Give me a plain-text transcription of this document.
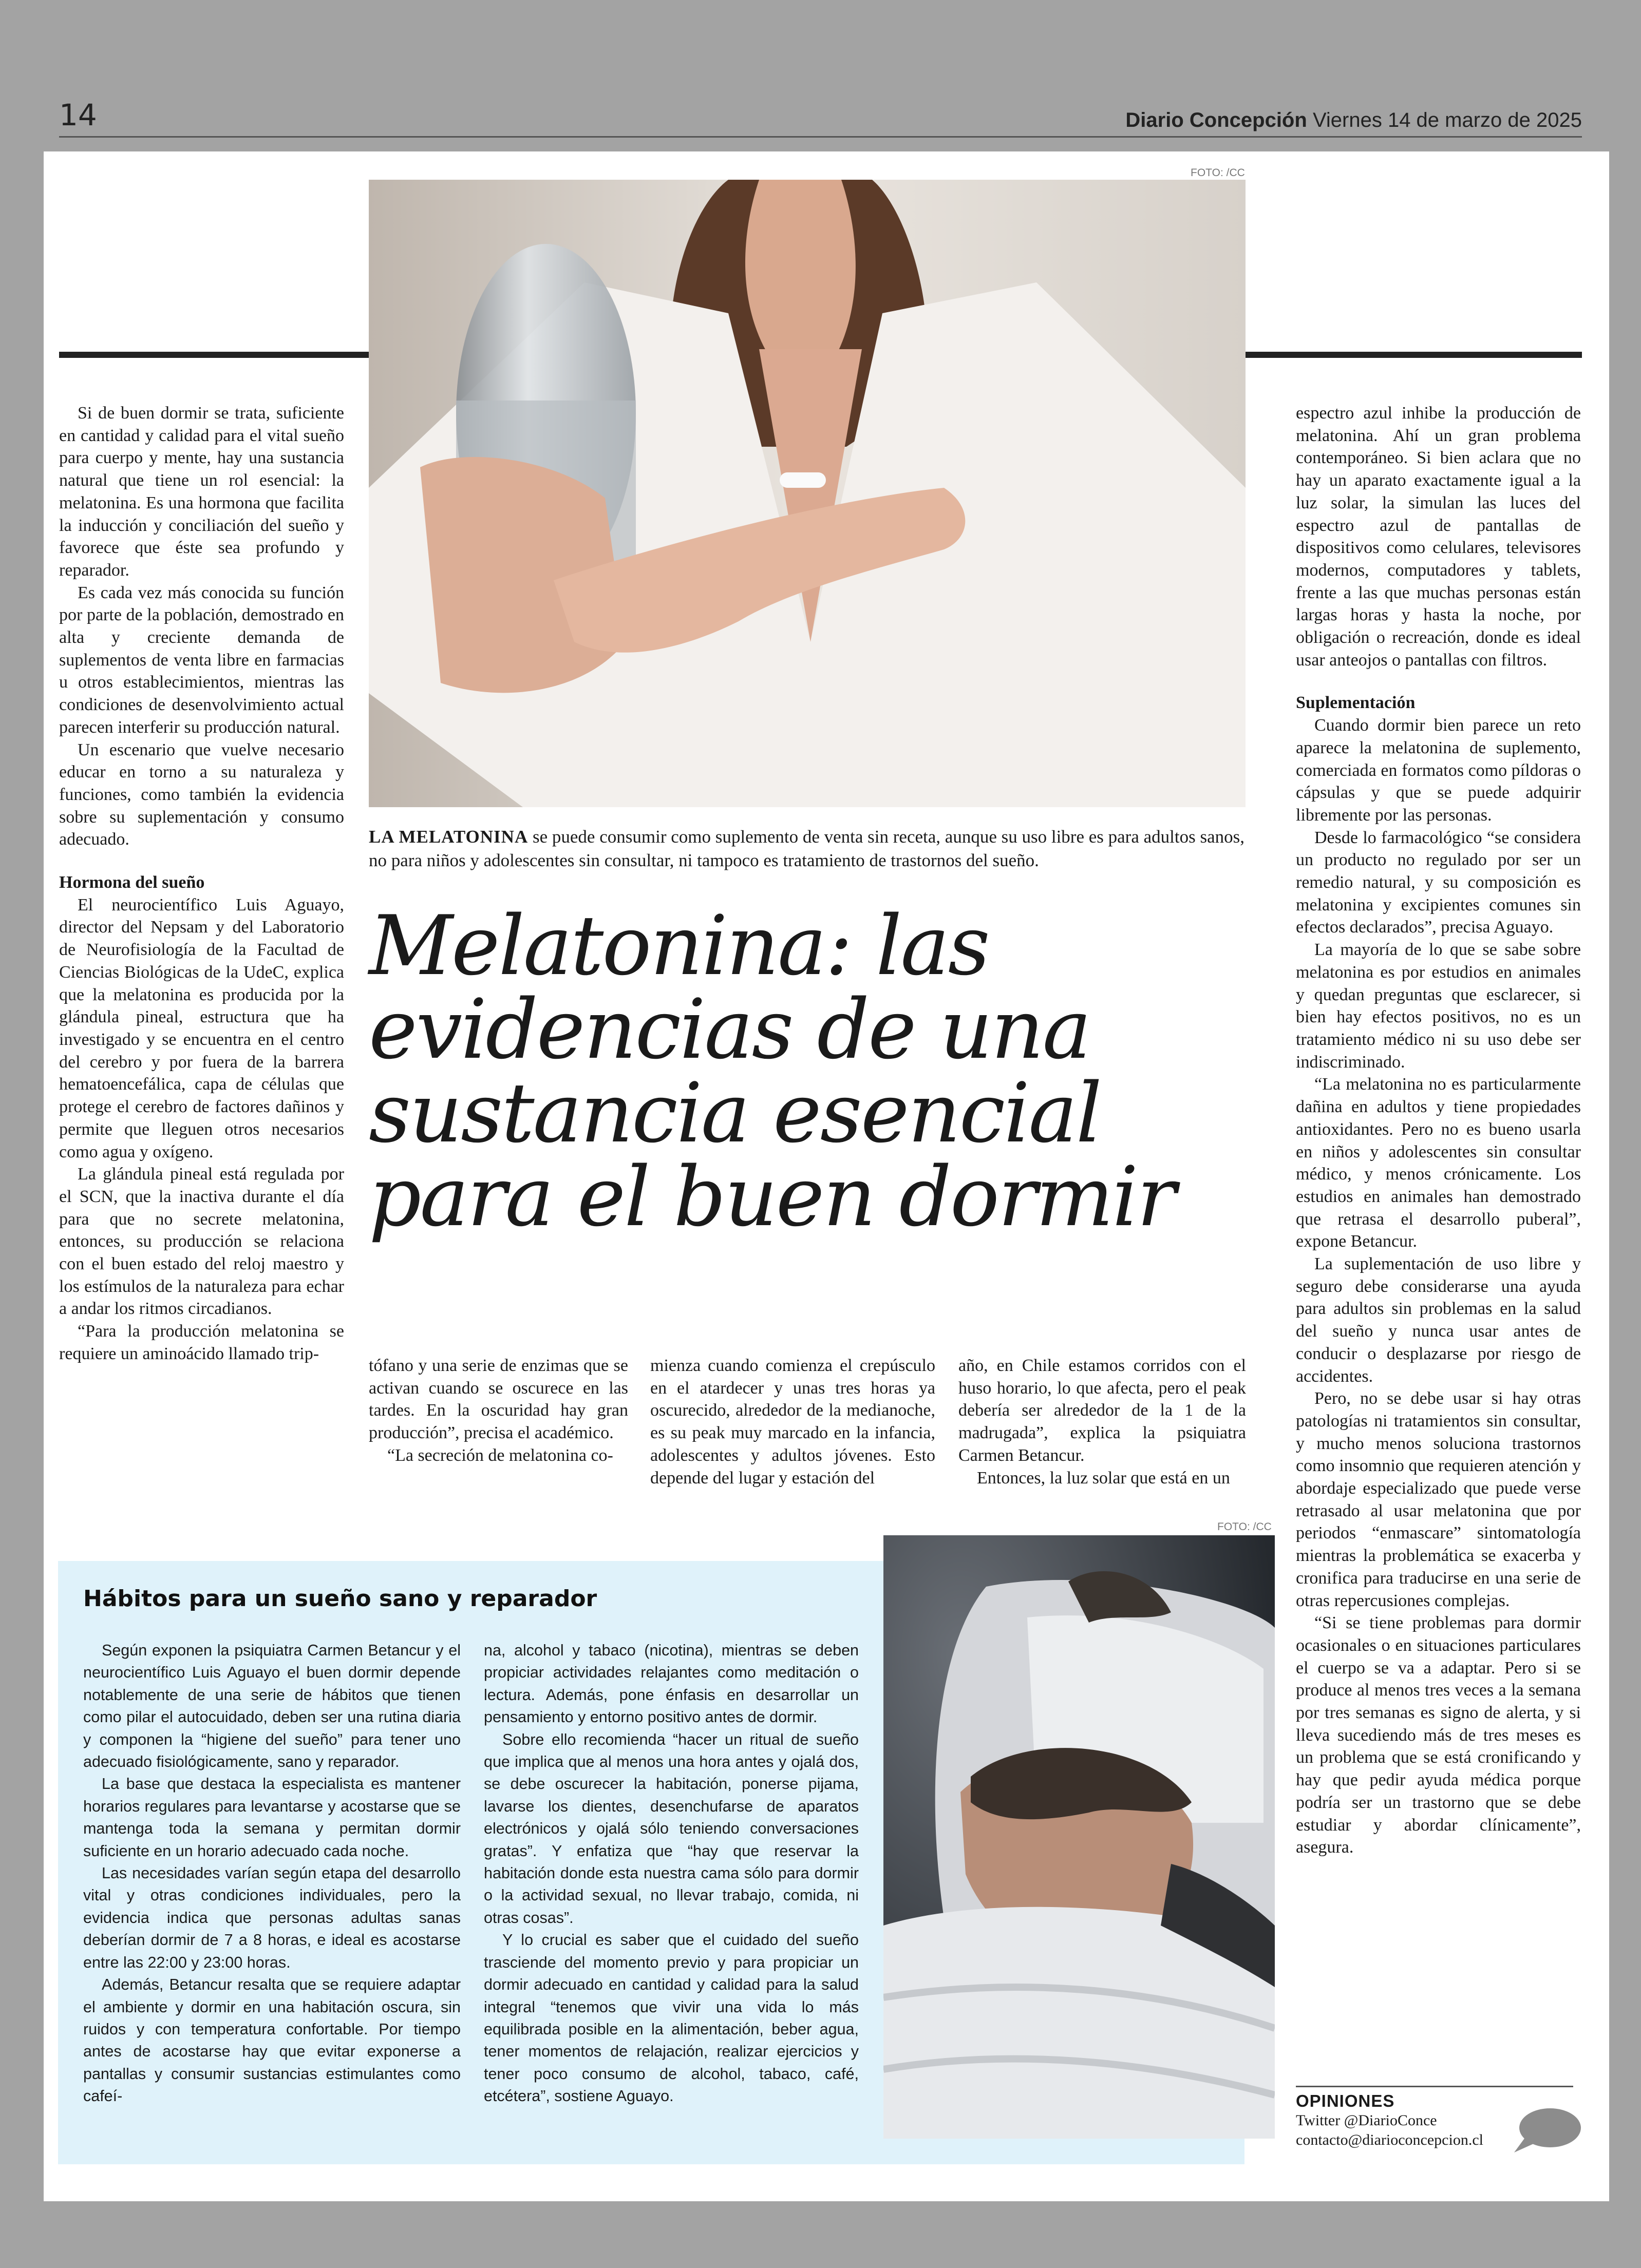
14	Diario Concepción Viernes 14 de marzo de 2025
FOTO: /CC
LA MELATONINA se puede consumir como suplemento de venta sin receta, aunque su uso libre es para adultos sanos, no para niños y adolescentes sin consultar, ni tampoco es tratamiento de trastornos del sueño.
Melatonina: las evidencias de una sustancia esencial para el buen dormir

Si de buen dormir se trata, suficiente en cantidad y calidad para el vital sueño para cuerpo y mente, hay una sustancia natural que tiene un rol esencial: la melatonina. Es una hormona que facilita la inducción y conciliación del sueño y favorece que éste sea profundo y reparador.

Es cada vez más conocida su función por parte de la población, demostrado en alta y creciente demanda de suplementos de venta libre en farmacias u otros establecimientos, mientras las condiciones de desenvolvimiento actual parecen interferir su producción natural.

Un escenario que vuelve necesario educar en torno a su naturaleza y funciones, como también la evidencia sobre su suplementación y consumo adecuado.

Hormona del sueño

El neurocientífico Luis Aguayo, director del Nepsam y del Laboratorio de Neurofisiología de la Facultad de Ciencias Biológicas de la UdeC, explica que la melatonina es producida por la glándula pineal, estructura que ha investigado y se encuentra en el centro del cerebro y por fuera de la barrera hematoencefálica, capa de células que protege el cerebro de factores dañinos y permite que lleguen otros necesarios como agua y oxígeno.

La glándula pineal está regulada por el SCN, que la inactiva durante el día para que no secrete melatonina, entonces, su producción se relaciona con el buen estado del reloj maestro y los estímulos de la naturaleza para echar a andar los ritmos circadianos.

“Para la producción melatonina se requiere un aminoácido llamado trip-

tófano y una serie de enzimas que se activan cuando se oscurece en las tardes. En la oscuridad hay gran producción”, precisa el académico.

“La secreción de melatonina co-

mienza cuando comienza el crepúsculo en el atardecer y unas tres horas ya oscurecido, alrededor de la medianoche, es su peak muy marcado en la infancia, adolescentes y adultos jóvenes. Esto depende del lugar y estación del

año, en Chile estamos corridos con el huso horario, lo que afecta, pero el peak debería ser alrededor de la 1 de la madrugada”, explica la psiquiatra Carmen Betancur.

Entonces, la luz solar que está en un

espectro azul inhibe la producción de melatonina. Ahí un gran problema contemporáneo. Si bien aclara que no hay un aparato exactamente igual a la luz solar, la simulan las luces del espectro azul de pantallas de dispositivos como celulares, televisores modernos, computadores y tablets, frente a las que muchas personas están largas horas y hasta la noche, por obligación o recreación, donde es ideal usar anteojos o pantallas con filtros.

Suplementación

Cuando dormir bien parece un reto aparece la melatonina de suplemento, comerciada en formatos como píldoras o cápsulas y que se puede adquirir libremente por las personas.

Desde lo farmacológico “se considera un producto no regulado por ser un remedio natural, y su composición es melatonina y excipientes comunes sin efectos declarados”, precisa Aguayo.

La mayoría de lo que se sabe sobre melatonina es por estudios en animales y quedan preguntas que esclarecer, si bien hay efectos positivos, no es un tratamiento médico ni su uso debe ser indiscriminado.

“La melatonina no es particularmente dañina en adultos y tiene propiedades antioxidantes. Pero no es bueno usarla en niños y adolescentes sin consultar médico, y menos crónicamente. Los estudios en animales han demostrado que retrasa el desarrollo puberal”, expone Betancur.

La suplementación de uso libre y seguro debe considerarse una ayuda para adultos sin problemas en la salud del sueño y nunca usar antes de conducir o desplazarse por riesgo de accidentes.

Pero, no se debe usar si hay otras patologías ni tratamientos sin consultar, y mucho menos soluciona trastornos como insomnio que requieren atención y abordaje especializado que puede verse retrasado al usar melatonina que por periodos “enmascare” sintomatología mientras la problemática se exacerba y cronifica para traducirse en una serie de otras repercusiones complejas.

“Si se tiene problemas para dormir ocasionales o en situaciones particulares el cuerpo se va a adaptar. Pero si se produce al menos tres veces a la semana por tres semanas es signo de alerta, y si lleva sucediendo más de tres meses es un problema que se está cronificando y hay que pedir ayuda médica porque podría ser un trastorno que se debe estudiar y abordar clínicamente”, asegura.

Hábitos para un sueño sano y reparador

Según exponen la psiquiatra Carmen Betancur y el neurocientífico Luis Aguayo el buen dormir depende notablemente de una serie de hábitos que tienen como pilar el autocuidado, deben ser una rutina diaria y componen la “higiene del sueño” para tener uno adecuado fisiológicamente, sano y reparador.

La base que destaca la especialista es mantener horarios regulares para levantarse y acostarse que se mantenga toda la semana y permitan dormir suficiente en un horario adecuado cada noche.

Las necesidades varían según etapa del desarrollo vital y otras condiciones individuales, pero la evidencia indica que personas adultas sanas deberían dormir de 7 a 8 horas, e ideal es acostarse entre las 22:00 y 23:00 horas.

Además, Betancur resalta que se requiere adaptar el ambiente y dormir en una habitación oscura, sin ruidos y con temperatura confortable. Por tiempo antes de acostarse hay que evitar exponerse a pantallas y consumir sustancias estimulantes como cafeí-

na, alcohol y tabaco (nicotina), mientras se deben propiciar actividades relajantes como meditación o lectura. Además, pone énfasis en desarrollar un pensamiento y entorno positivo antes de dormir.

Sobre ello recomienda “hacer un ritual de sueño que implica que al menos una hora antes y ojalá dos, se debe oscurecer la habitación, ponerse pijama, lavarse los dientes, desenchufarse de aparatos electrónicos y ojalá sólo teniendo conversaciones gratas”. Y enfatiza que “hay que reservar la habitación donde esta nuestra cama sólo para dormir o la actividad sexual, no llevar trabajo, comida, ni otras cosas”.

Y lo crucial es saber que el cuidado del sueño trasciende del momento previo y para propiciar un dormir adecuado en cantidad y calidad para la salud integral “tenemos que vivir una vida lo más equilibrada posible en la alimentación, beber agua, tener momentos de relajación, realizar ejercicios y tener poco consumo de alcohol, tabaco, café, etcétera”, sostiene Aguayo.

FOTO: /CC
OPINIONES
Twitter @DiarioConce
contacto@diarioconcepcion.cl
